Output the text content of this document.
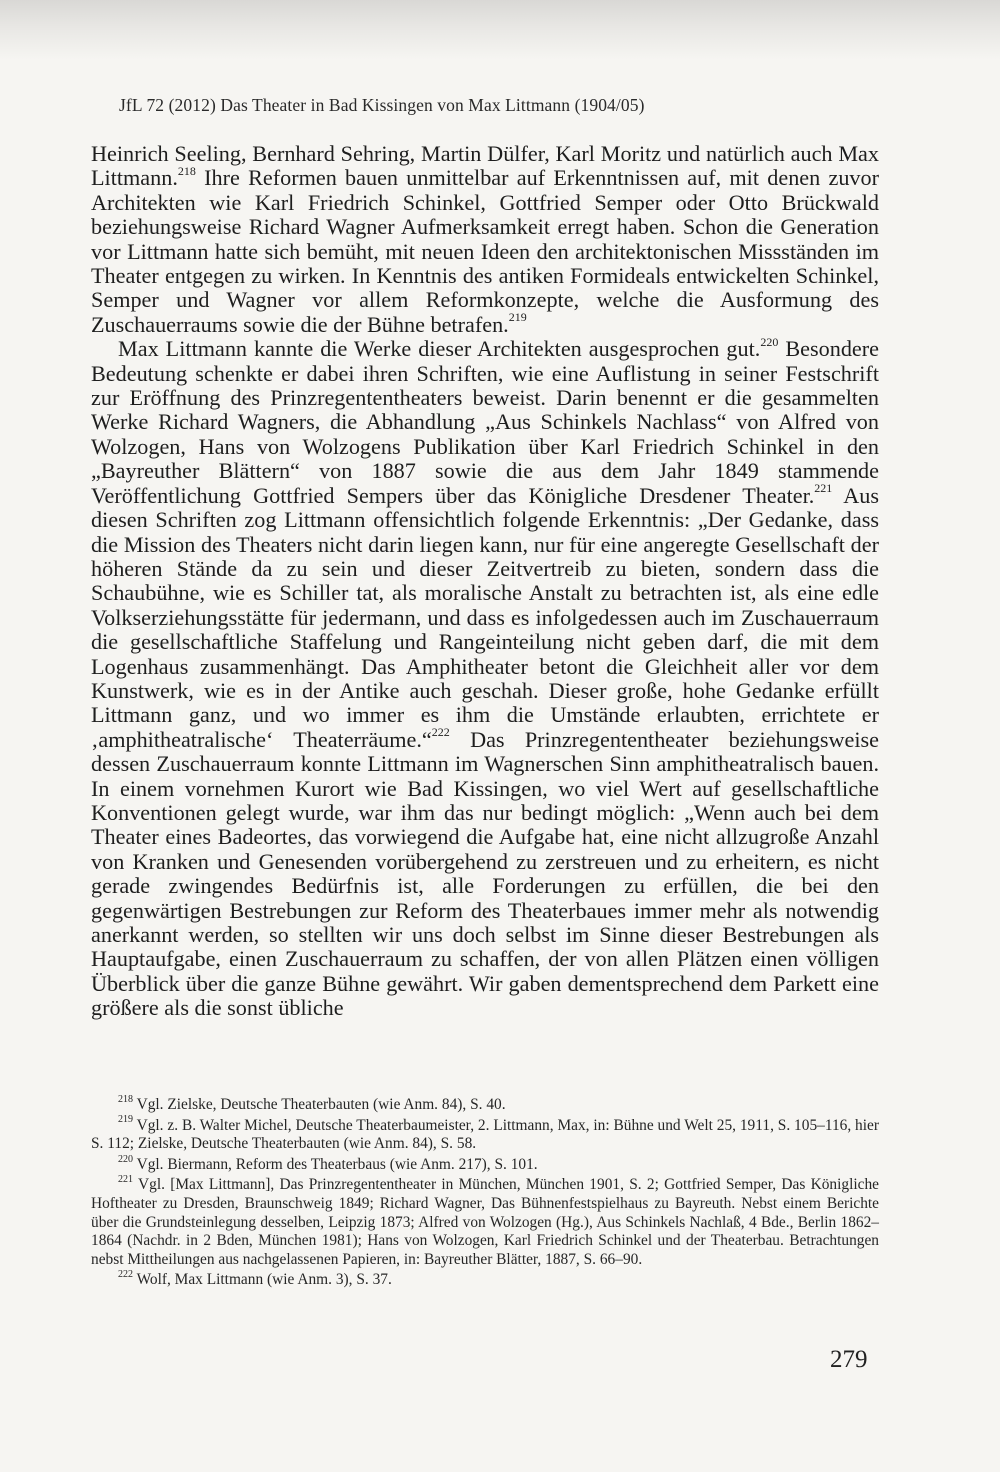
JfL 72 (2012) Das Theater in Bad Kissingen von Max Littmann (1904/05)

Heinrich Seeling, Bernhard Sehring, Martin Dülfer, Karl Moritz und natürlich auch Max Littmann.$^{218}$ Ihre Reformen bauen unmittelbar auf Erkenntnissen auf, mit denen zuvor Architekten wie Karl Friedrich Schinkel, Gottfried Semper oder Otto Brückwald beziehungsweise Richard Wagner Aufmerksamkeit erregt haben. Schon die Generation vor Littmann hatte sich bemüht, mit neuen Ideen den architektonischen Missständen im Theater entgegen zu wirken. In Kenntnis des antiken Formideals entwickelten Schinkel, Semper und Wagner vor allem Reformkonzepte, welche die Ausformung des Zuschauerraums sowie die der Bühne betrafen.$^{219}$

Max Littmann kannte die Werke dieser Architekten ausgesprochen gut.$^{220}$ Besondere Bedeutung schenkte er dabei ihren Schriften, wie eine Auflistung in seiner Festschrift zur Eröffnung des Prinzregententheaters beweist. Darin benennt er die gesammelten Werke Richard Wagners, die Abhandlung „Aus Schinkels Nachlass“ von Alfred von Wolzogen, Hans von Wolzogens Publikation über Karl Friedrich Schinkel in den „Bayreuther Blättern“ von 1887 sowie die aus dem Jahr 1849 stammende Veröffentlichung Gottfried Sempers über das Königliche Dresdener Theater.$^{221}$ Aus diesen Schriften zog Littmann offensichtlich folgende Erkenntnis: „Der Gedanke, dass die Mission des Theaters nicht darin liegen kann, nur für eine angeregte Gesellschaft der höheren Stände da zu sein und dieser Zeitvertreib zu bieten, sondern dass die Schaubühne, wie es Schiller tat, als moralische Anstalt zu betrachten ist, als eine edle Volkserziehungsstätte für jedermann, und dass es infolgedessen auch im Zuschauerraum die gesellschaftliche Staffelung und Rangeinteilung nicht geben darf, die mit dem Logenhaus zusammenhängt. Das Amphitheater betont die Gleichheit aller vor dem Kunstwerk, wie es in der Antike auch geschah. Dieser große, hohe Gedanke erfüllt Littmann ganz, und wo immer es ihm die Umstände erlaubten, errichtete er ‚amphitheatralische‘ Theaterräume.“$^{222}$ Das Prinzregententheater beziehungsweise dessen Zuschauerraum konnte Littmann im Wagnerschen Sinn amphitheatralisch bauen. In einem vornehmen Kurort wie Bad Kissingen, wo viel Wert auf gesellschaftliche Konventionen gelegt wurde, war ihm das nur bedingt möglich: „Wenn auch bei dem Theater eines Badeortes, das vorwiegend die Aufgabe hat, eine nicht allzugroße Anzahl von Kranken und Genesenden vorübergehend zu zerstreuen und zu erheitern, es nicht gerade zwingendes Bedürfnis ist, alle Forderungen zu erfüllen, die bei den gegenwärtigen Bestrebungen zur Reform des Theaterbaues immer mehr als notwendig anerkannt werden, so stellten wir uns doch selbst im Sinne dieser Bestrebungen als Hauptaufgabe, einen Zuschauerraum zu schaffen, der von allen Plätzen einen völligen Überblick über die ganze Bühne gewährt. Wir gaben dementsprechend dem Parkett eine größere als die sonst übliche

$^{218}$ Vgl. Zielske, Deutsche Theaterbauten (wie Anm. 84), S. 40.

$^{219}$ Vgl. z. B. Walter Michel, Deutsche Theaterbaumeister, 2. Littmann, Max, in: Bühne und Welt 25, 1911, S. 105–116, hier S. 112; Zielske, Deutsche Theaterbauten (wie Anm. 84), S. 58.

$^{220}$ Vgl. Biermann, Reform des Theaterbaus (wie Anm. 217), S. 101.

$^{221}$ Vgl. [Max Littmann], Das Prinzregententheater in München, München 1901, S. 2; Gottfried Semper, Das Königliche Hoftheater zu Dresden, Braunschweig 1849; Richard Wagner, Das Bühnenfestspielhaus zu Bayreuth. Nebst einem Berichte über die Grundsteinlegung desselben, Leipzig 1873; Alfred von Wolzogen (Hg.), Aus Schinkels Nachlaß, 4 Bde., Berlin 1862–1864 (Nachdr. in 2 Bden, München 1981); Hans von Wolzogen, Karl Friedrich Schinkel und der Theaterbau. Betrachtungen nebst Mittheilungen aus nachgelassenen Papieren, in: Bayreuther Blätter, 1887, S. 66–90.

$^{222}$ Wolf, Max Littmann (wie Anm. 3), S. 37.

279
